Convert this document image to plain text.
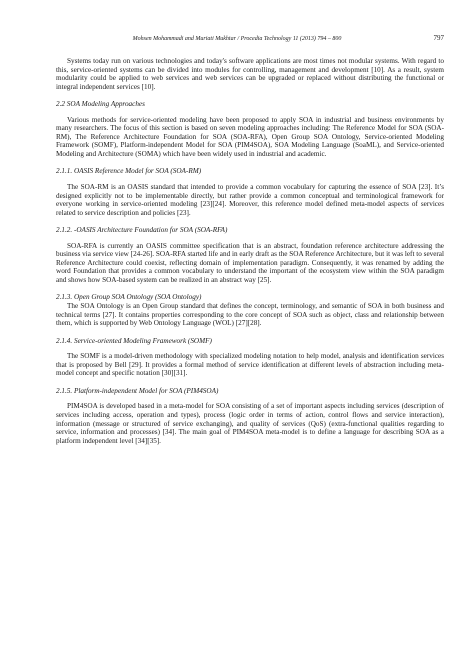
Mohsen Mohammadi and Muriati Mukhtar / Procedia Technology 11 (2013) 794 – 800	797

Systems today run on various technologies and today's software applications are most times not modular systems. With regard to this, service-oriented systems can be divided into modules for controlling, management and development [10]. As a result, system modularity could be applied to web services and web services can be upgraded or replaced without distributing the functional or integral independent services [10].

2.2 SOA Modeling Approaches

Various methods for service-oriented modeling have been proposed to apply SOA in industrial and business environments by many researchers. The focus of this section is based on seven modeling approaches including: The Reference Model for SOA (SOA-RM), The Reference Architecture Foundation for SOA (SOA-RFA), Open Group SOA Ontology, Service-oriented Modeling Framework (SOMF), Platform-independent Model for SOA (PIM4SOA), SOA Modeling Language (SoaML), and Service-oriented Modeling and Architecture (SOMA) which have been widely used in industrial and academic.

2.1.1. OASIS Reference Model for SOA (SOA-RM)

The SOA-RM is an OASIS standard that intended to provide a common vocabulary for capturing the essence of SOA [23]. It’s designed explicitly not to be implementable directly, but rather provide a common conceptual and terminological framework for everyone working in service-oriented modeling [23][24]. Moreover, this reference model defined meta-model aspects of services related to service description and policies [23].

2.1.2. -OASIS Architecture Foundation for SOA (SOA-RFA)

SOA-RFA is currently an OASIS committee specification that is an abstract, foundation reference architecture addressing the business via service view [24-26]. SOA-RFA started life and in early draft as the SOA Reference Architecture, but it was left to several Reference Architecture could coexist, reflecting domain of implementation paradigm. Consequently, it was renamed by adding the word Foundation that provides a common vocabulary to understand the important of the ecosystem view within the SOA paradigm and shows how SOA-based system can be realized in an abstract way [25].

2.1.3. Open Group SOA Ontology (SOA Ontology)

The SOA Ontology is an Open Group standard that defines the concept, terminology, and semantic of SOA in both business and technical terms [27]. It contains properties corresponding to the core concept of SOA such as object, class and relationship between them, which is supported by Web Ontology Language (WOL) [27][28].

2.1.4. Service-oriented Modeling Framework (SOMF)

The SOMF is a model-driven methodology with specialized modeling notation to help model, analysis and identification services that is proposed by Bell [29]. It provides a formal method of service identification at different levels of abstraction including meta-model concept and specific notation [30][31].

2.1.5. Platform-independent Model for SOA (PIM4SOA)

PIM4SOA is developed based in a meta-model for SOA consisting of a set of important aspects including services (description of services including access, operation and types), process (logic order in terms of action, control flows and service interaction), information (message or structured of service exchanging), and quality of services (QoS) (extra-functional qualities regarding to service, information and processes) [34]. The main goal of PIM4SOA meta-model is to define a language for describing SOA as a platform independent level [34][35].
